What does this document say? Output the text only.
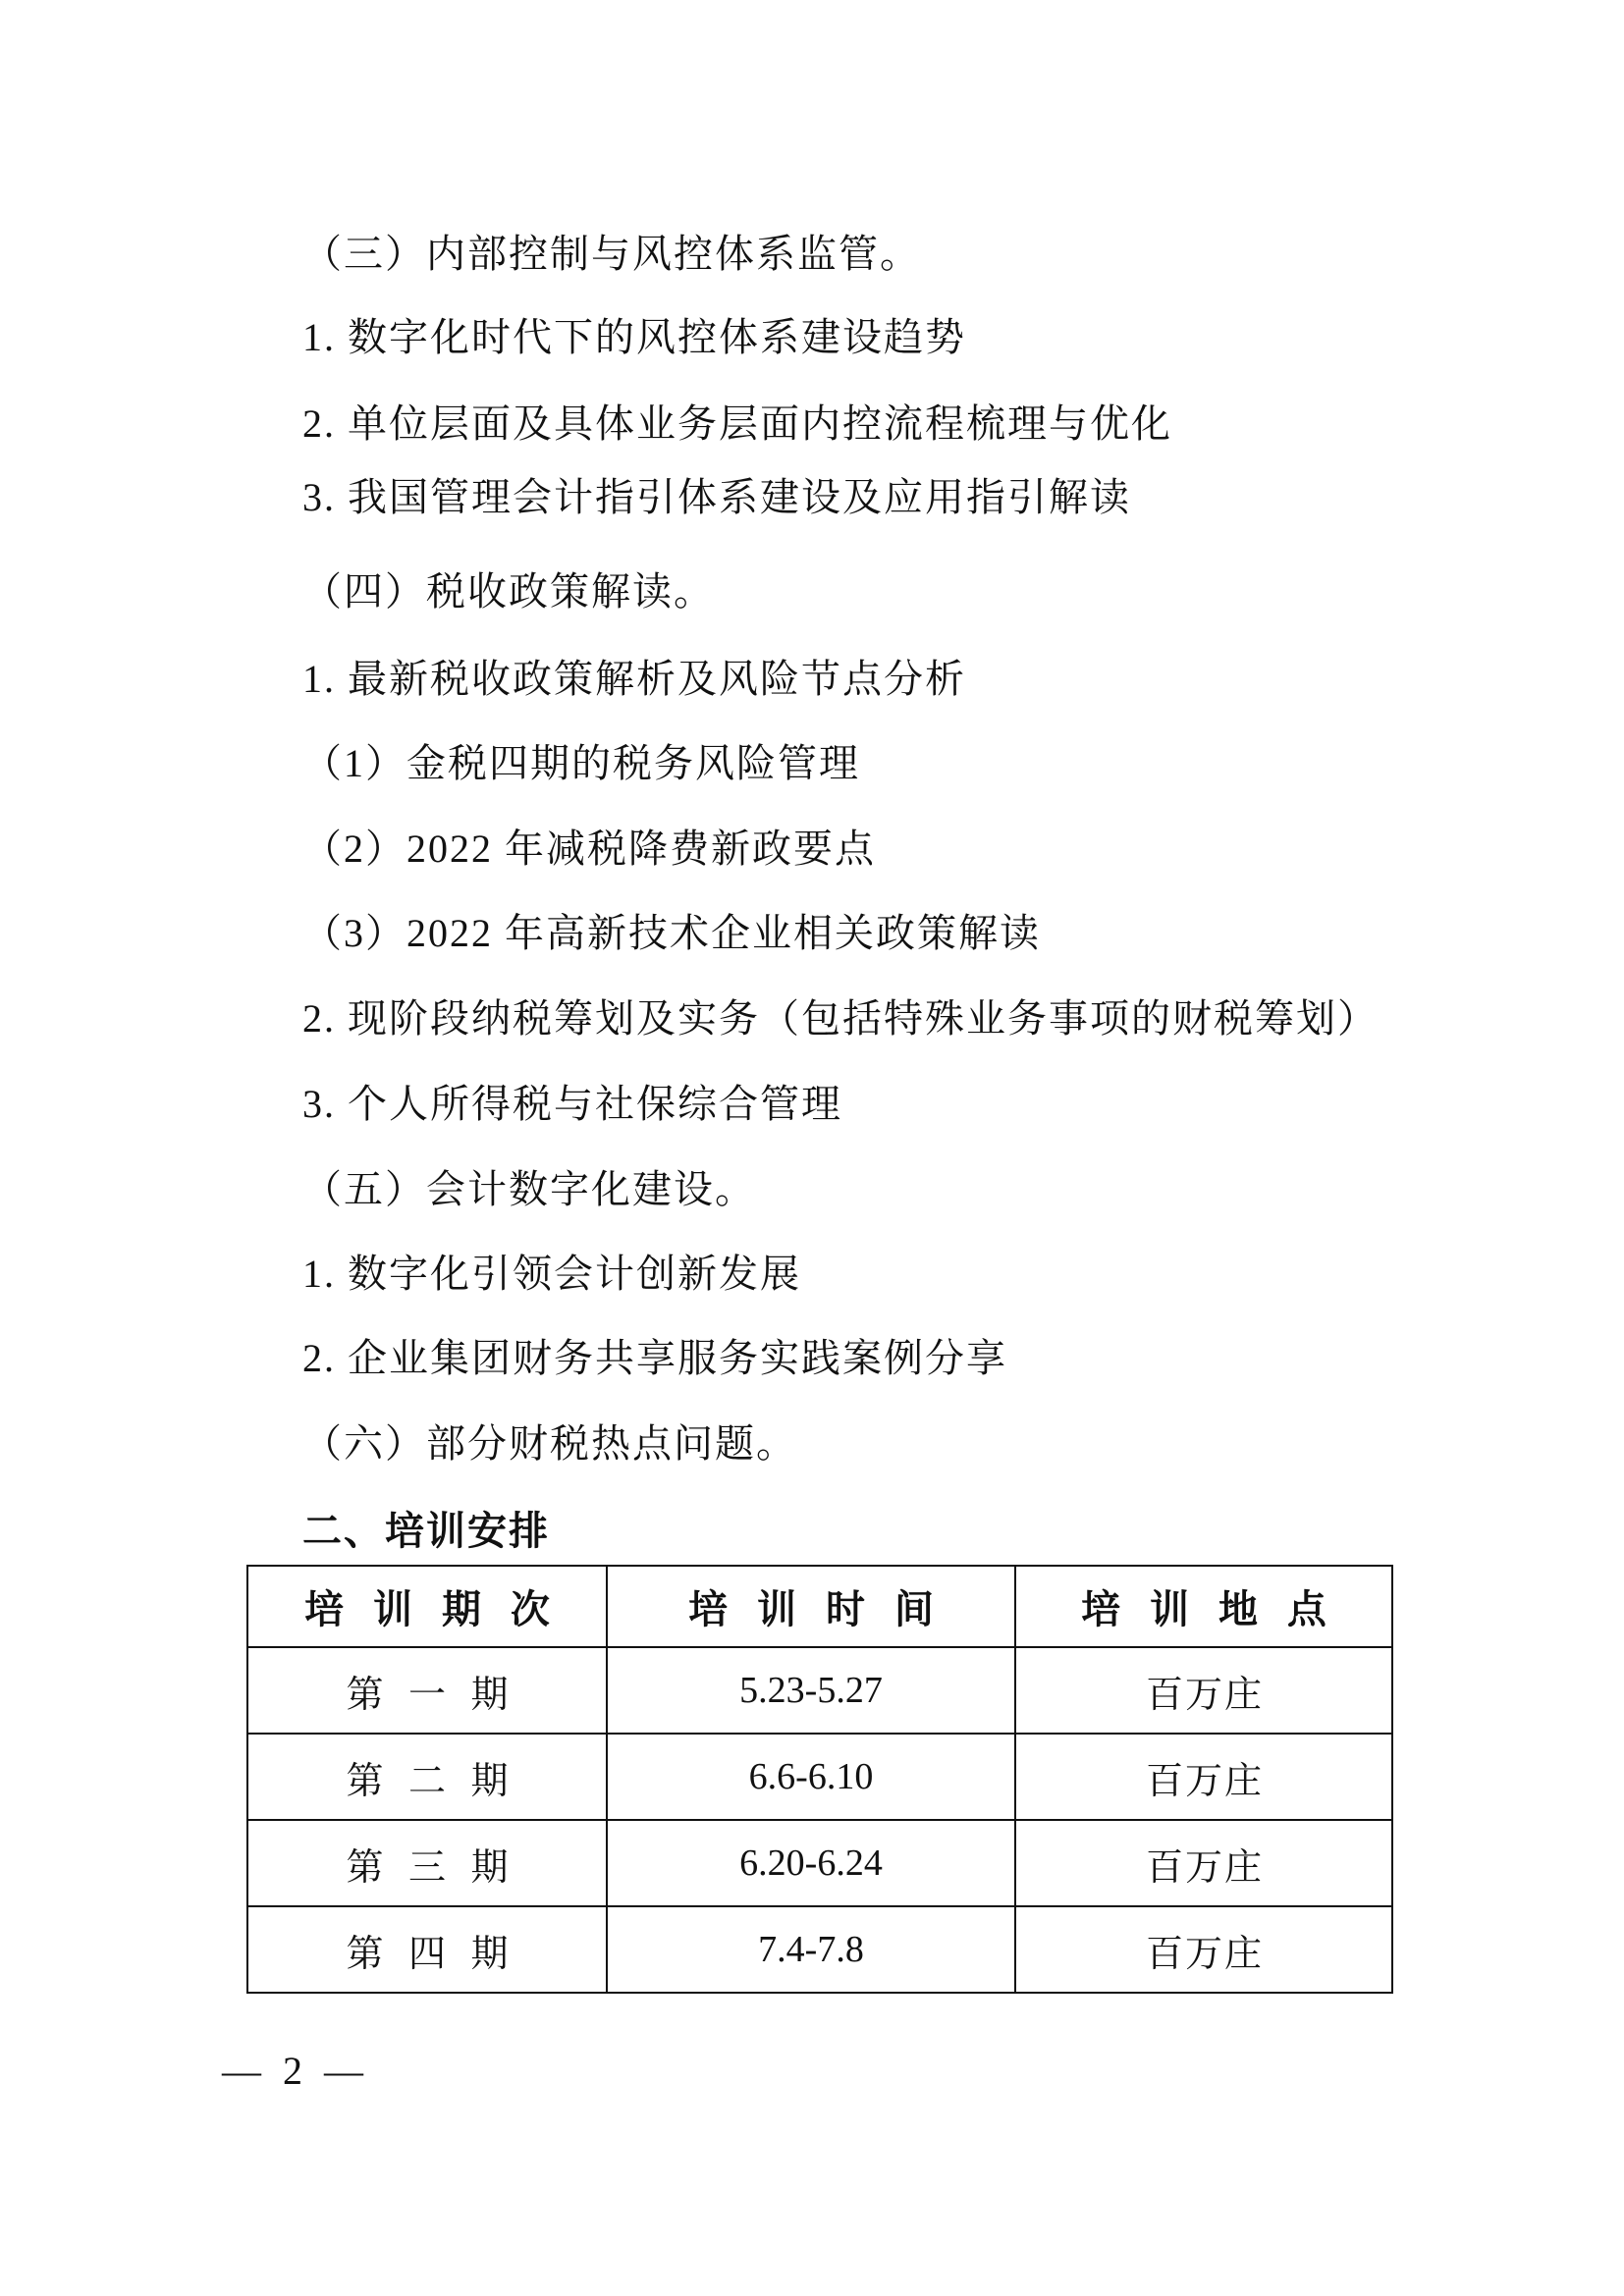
（三）内部控制与风控体系监管。
1. 数字化时代下的风控体系建设趋势
2. 单位层面及具体业务层面内控流程梳理与优化
3. 我国管理会计指引体系建设及应用指引解读
（四）税收政策解读。
1. 最新税收政策解析及风险节点分析
（1）金税四期的税务风险管理
（2）2022 年减税降费新政要点
（3）2022 年高新技术企业相关政策解读
2. 现阶段纳税筹划及实务（包括特殊业务事项的财税筹划）
3. 个人所得税与社保综合管理
（五）会计数字化建设。
1. 数字化引领会计创新发展
2. 企业集团财务共享服务实践案例分享
（六）部分财税热点问题。
二、培训安排
培 训 期 次	培 训 时 间	培 训 地 点
第 一 期	5.23-5.27	百万庄
第 二 期	6.6-6.10	百万庄
第 三 期	6.20-6.24	百万庄
第 四 期	7.4-7.8	百万庄
— 2 —
